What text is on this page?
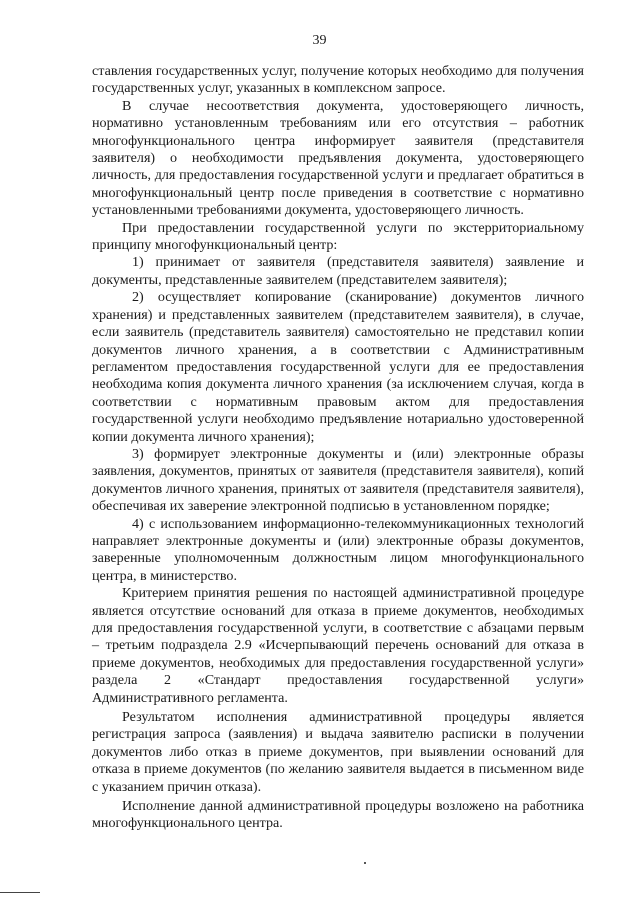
39

ставления государственных услуг, получение которых необходимо для получения государственных услуг, указанных в комплексном запросе.

В случае несоответствия документа, удостоверяющего личность, нормативно установленным требованиям или его отсутствия – работник многофункционального центра информирует заявителя (представителя заявителя) о необходимости предъявления документа, удостоверяющего личность, для предоставления государственной услуги и предлагает обратиться в многофункциональный центр после приведения в соответствие с нормативно установленными требованиями документа, удостоверяющего личность.

При предоставлении государственной услуги по экстерриториальному принципу многофункциональный центр:

1) принимает от заявителя (представителя заявителя) заявление и документы, представленные заявителем (представителем заявителя);

2) осуществляет копирование (сканирование) документов личного хранения) и представленных заявителем (представителем заявителя), в случае, если заявитель (представитель заявителя) самостоятельно не представил копии документов личного хранения, а в соответствии с Административным регламентом предоставления государственной услуги для ее предоставления необходима копия документа личного хранения (за исключением случая, когда в соответствии с нормативным правовым актом для предоставления государственной услуги необходимо предъявление нотариально удостоверенной копии документа личного хранения);

3) формирует электронные документы и (или) электронные образы заявления, документов, принятых от заявителя (представителя заявителя), копий документов личного хранения, принятых от заявителя (представителя заявителя), обеспечивая их заверение электронной подписью в установленном порядке;

4) с использованием информационно-телекоммуникационных технологий направляет электронные документы и (или) электронные образы документов, заверенные уполномоченным должностным лицом многофункционального центра, в министерство.

Критерием принятия решения по настоящей административной процедуре является отсутствие оснований для отказа в приеме документов, необходимых для предоставления государственной услуги, в соответствие с абзацами первым – третьим подраздела 2.9 «Исчерпывающий перечень оснований для отказа в приеме документов, необходимых для предоставления государственной услуги» раздела 2 «Стандарт предоставления государственной услуги» Административного регламента.

Результатом исполнения административной процедуры является регистрация запроса (заявления) и выдача заявителю расписки в получении документов либо отказ в приеме документов, при выявлении оснований для отказа в приеме документов (по желанию заявителя выдается в письменном виде с указанием причин отказа).

Исполнение данной административной процедуры возложено на работника многофункционального центра.
